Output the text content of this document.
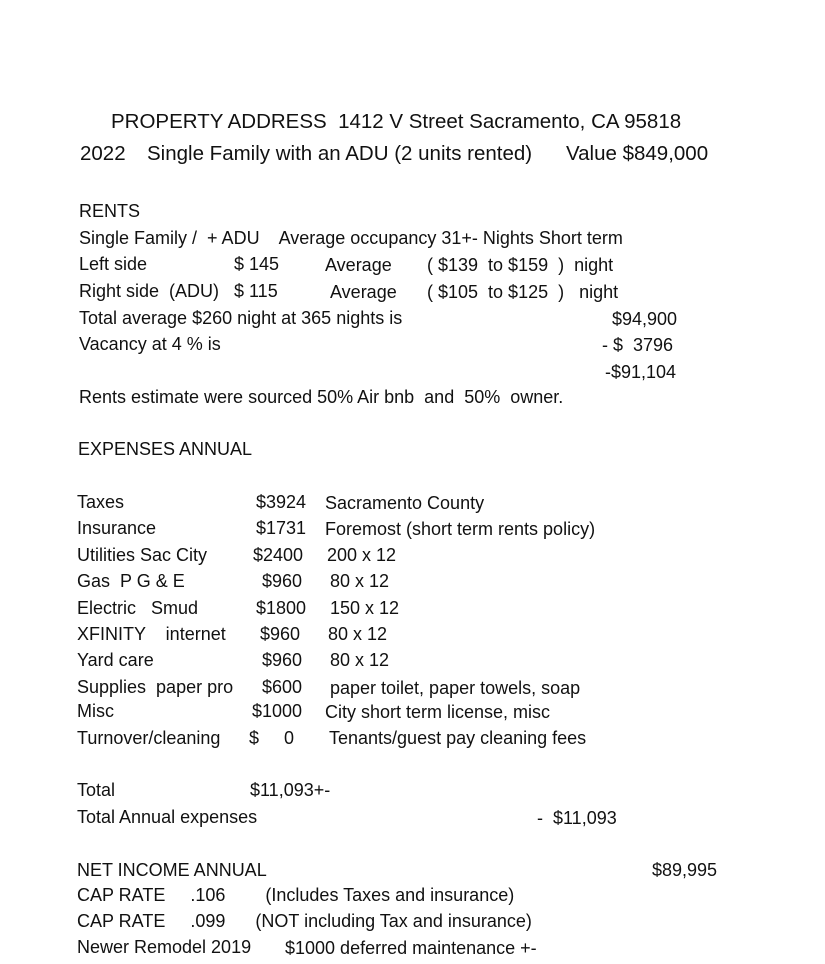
PROPERTY ADDRESS  1412 V Street Sacramento, CA 95818
2022 Single Family with an ADU (2 units rented) Value $849,000
RENTS
Single Family /  + ADU    Average occupancy 31+- Nights Short term
Left side	$ 145	Average ( $139  to $159  )  night
Right side  (ADU) $ 115	Average ( $105  to $125  )   night
Total average $260 night at 365 nights is	$94,900
Vacancy at 4 % is	- $  3796
-$91,104
Rents estimate were sourced 50% Air bnb  and  50%  owner.
EXPENSES ANNUAL
Taxes	$3924 Sacramento County
Insurance	$1731 Foremost (short term rents policy)
Utilities Sac City	$2400 200 x 12
Gas  P G & E	$960 80 x 12
Electric   Smud	$1800 150 x 12
XFINITY    internet $960 80 x 12
Yard care	$960 80 x 12
Supplies  paper pro $600 paper toilet, paper towels, soap
Misc	$1000 City short term license, misc
Turnover/cleaning $     0 Tenants/guest pay cleaning fees
Total	$11,093+-
Total Annual expenses	-  $11,093
NET INCOME ANNUAL	$89,995
CAP RATE     .106        (Includes Taxes and insurance)
CAP RATE     .099      (NOT including Tax and insurance)
Newer Remodel 2019 $1000 deferred maintenance +-
